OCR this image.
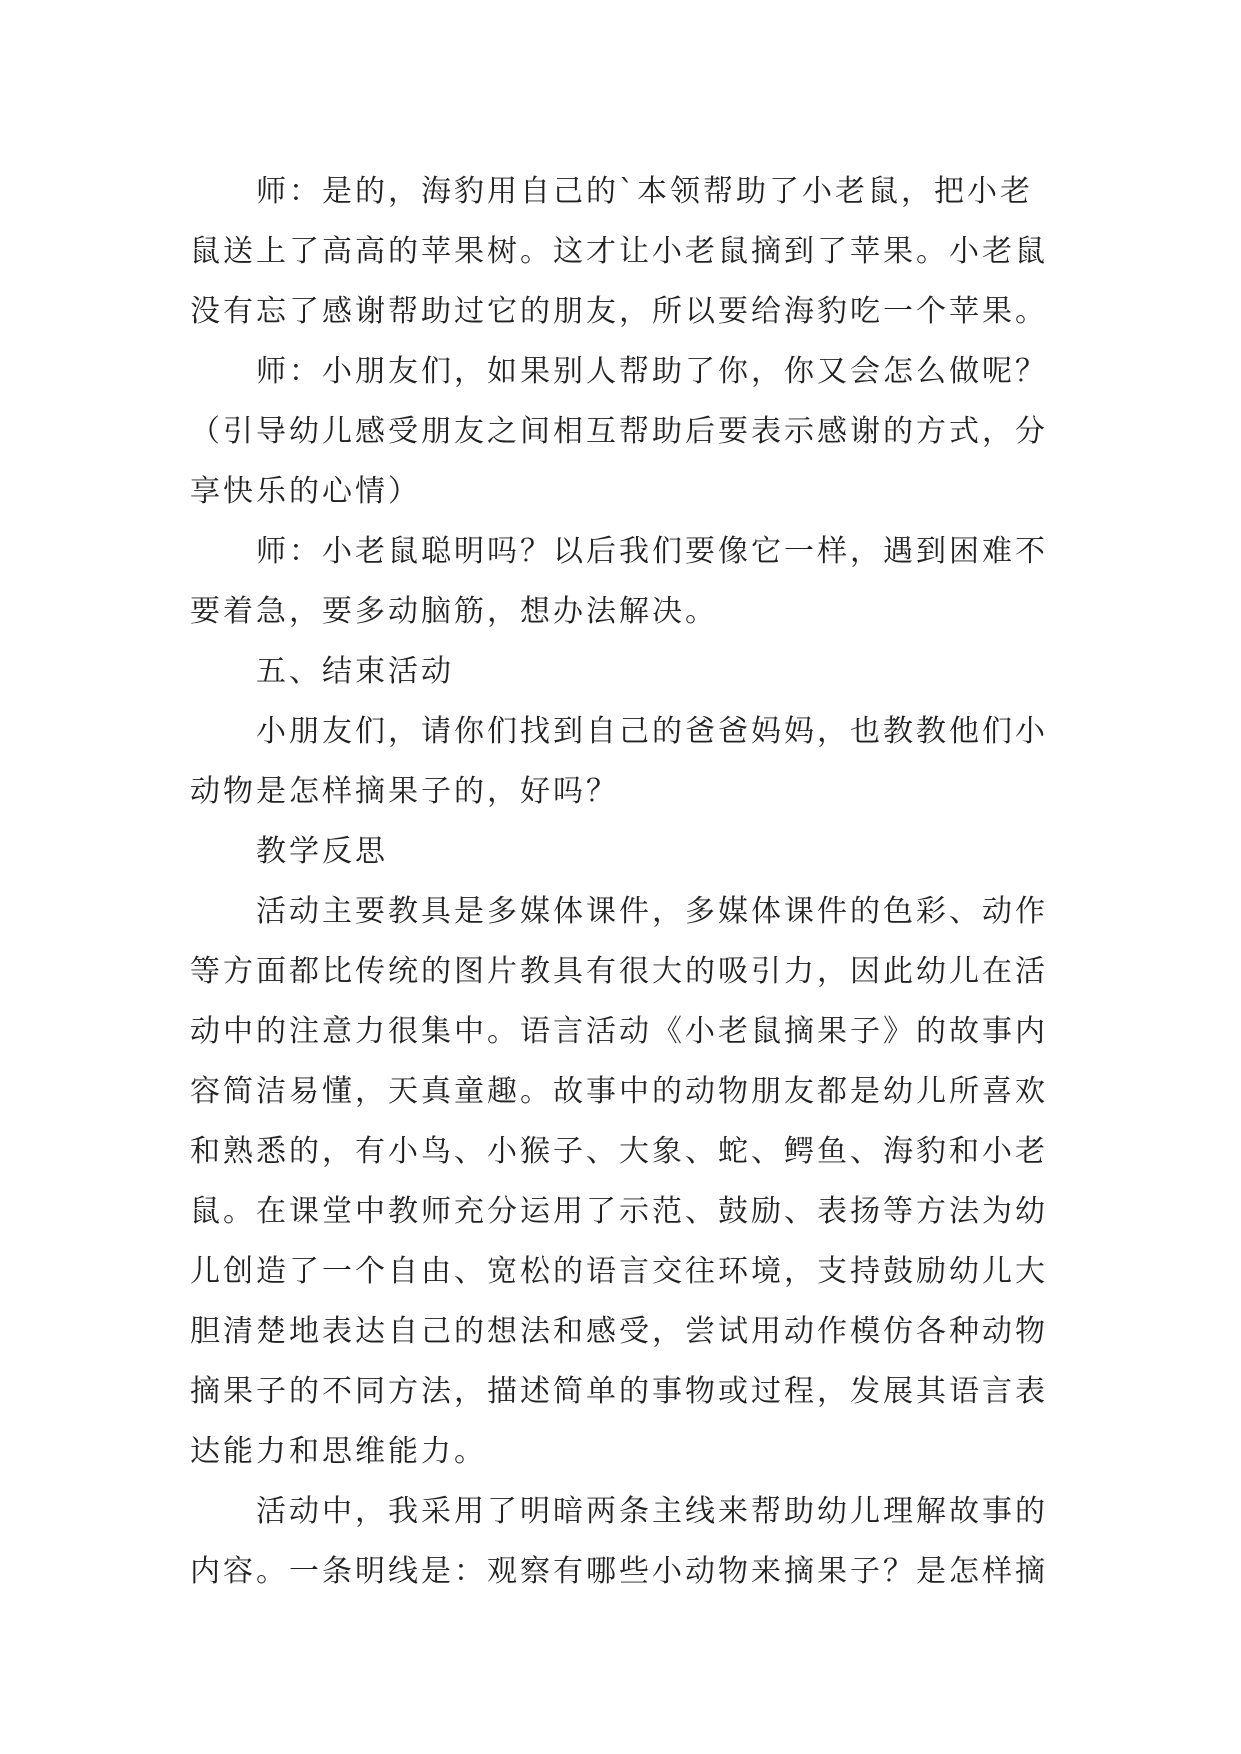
师：是的，海豹用自己的`本领帮助了小老鼠，把小老
鼠送上了高高的苹果树。这才让小老鼠摘到了苹果。小老鼠
没有忘了感谢帮助过它的朋友，所以要给海豹吃一个苹果。
师：小朋友们，如果别人帮助了你，你又会怎么做呢？
（引导幼儿感受朋友之间相互帮助后要表示感谢的方式，分
享快乐的心情）
师：小老鼠聪明吗？以后我们要像它一样，遇到困难不
要着急，要多动脑筋，想办法解决。
五、结束活动
小朋友们，请你们找到自己的爸爸妈妈，也教教他们小
动物是怎样摘果子的，好吗？
教学反思
活动主要教具是多媒体课件，多媒体课件的色彩、动作
等方面都比传统的图片教具有很大的吸引力，因此幼儿在活
动中的注意力很集中。语言活动《小老鼠摘果子》的故事内
容简洁易懂，天真童趣。故事中的动物朋友都是幼儿所喜欢
和熟悉的，有小鸟、小猴子、大象、蛇、鳄鱼、海豹和小老
鼠。在课堂中教师充分运用了示范、鼓励、表扬等方法为幼
儿创造了一个自由、宽松的语言交往环境，支持鼓励幼儿大
胆清楚地表达自己的想法和感受，尝试用动作模仿各种动物
摘果子的不同方法，描述简单的事物或过程，发展其语言表
达能力和思维能力。
活动中，我采用了明暗两条主线来帮助幼儿理解故事的
内容。一条明线是：观察有哪些小动物来摘果子？是怎样摘
